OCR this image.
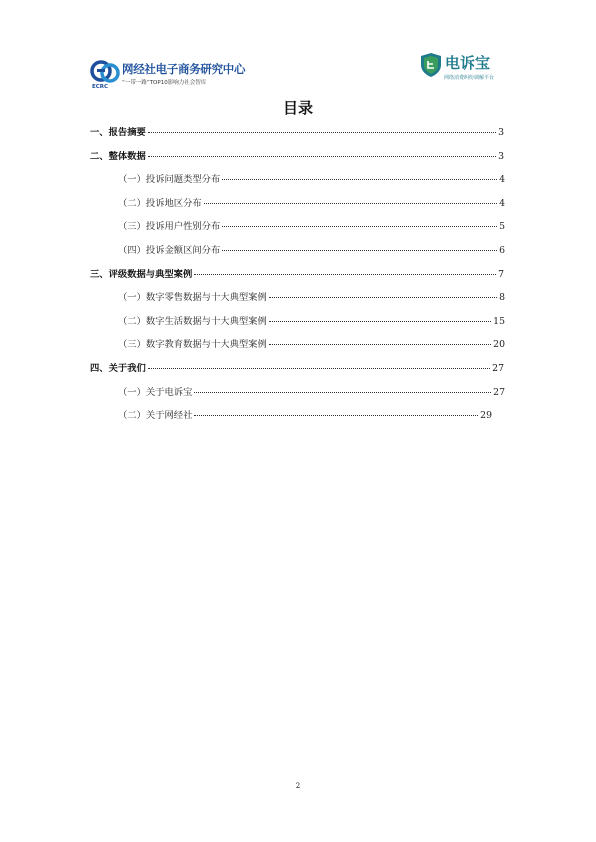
网经社电子商务研究中心
“一带一路”TOP10影响力社会智库
ECRC
电诉宝
网络消费纠纷调解平台
目录
一、报告摘要	3
二、整体数据	3
（一）投诉问题类型分布	4
（二）投诉地区分布	4
（三）投诉用户性别分布	5
（四）投诉金额区间分布	6
三、评级数据与典型案例	7
（一）数字零售数据与十大典型案例	8
（二）数字生活数据与十大典型案例	15
（三）数字教育数据与十大典型案例	20
四、关于我们	27
（一）关于电诉宝	27
（二）关于网经社	29
2
